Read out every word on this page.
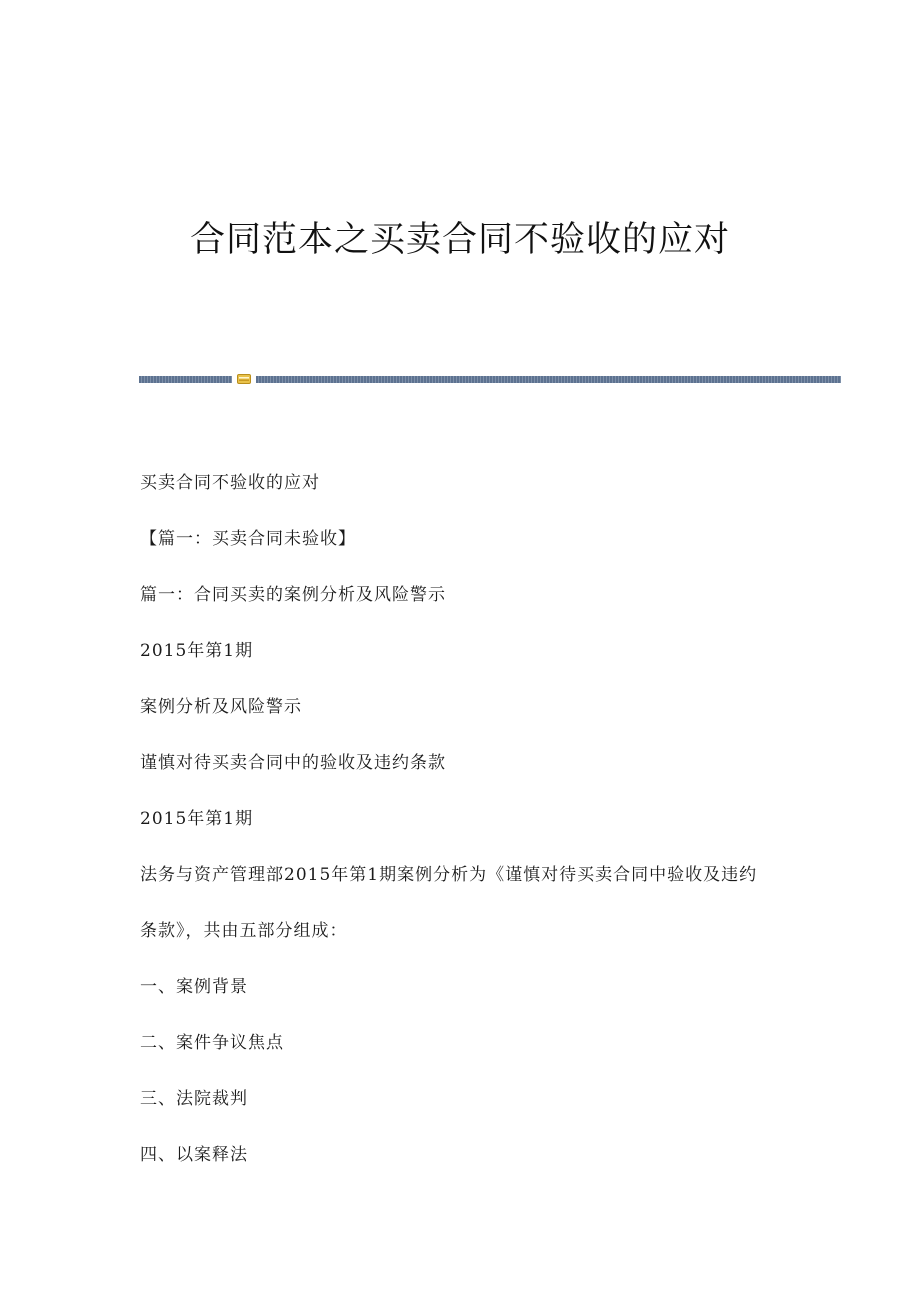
合同范本之买卖合同不验收的应对
买卖合同不验收的应对
【篇一：买卖合同未验收】
篇一：合同买卖的案例分析及风险警示
2015年第1期
案例分析及风险警示
谨慎对待买卖合同中的验收及违约条款
2015年第1期
法务与资产管理部2015年第1期案例分析为《谨慎对待买卖合同中验收及违约
条款》，共由五部分组成：
一、案例背景
二、案件争议焦点
三、法院裁判
四、以案释法
